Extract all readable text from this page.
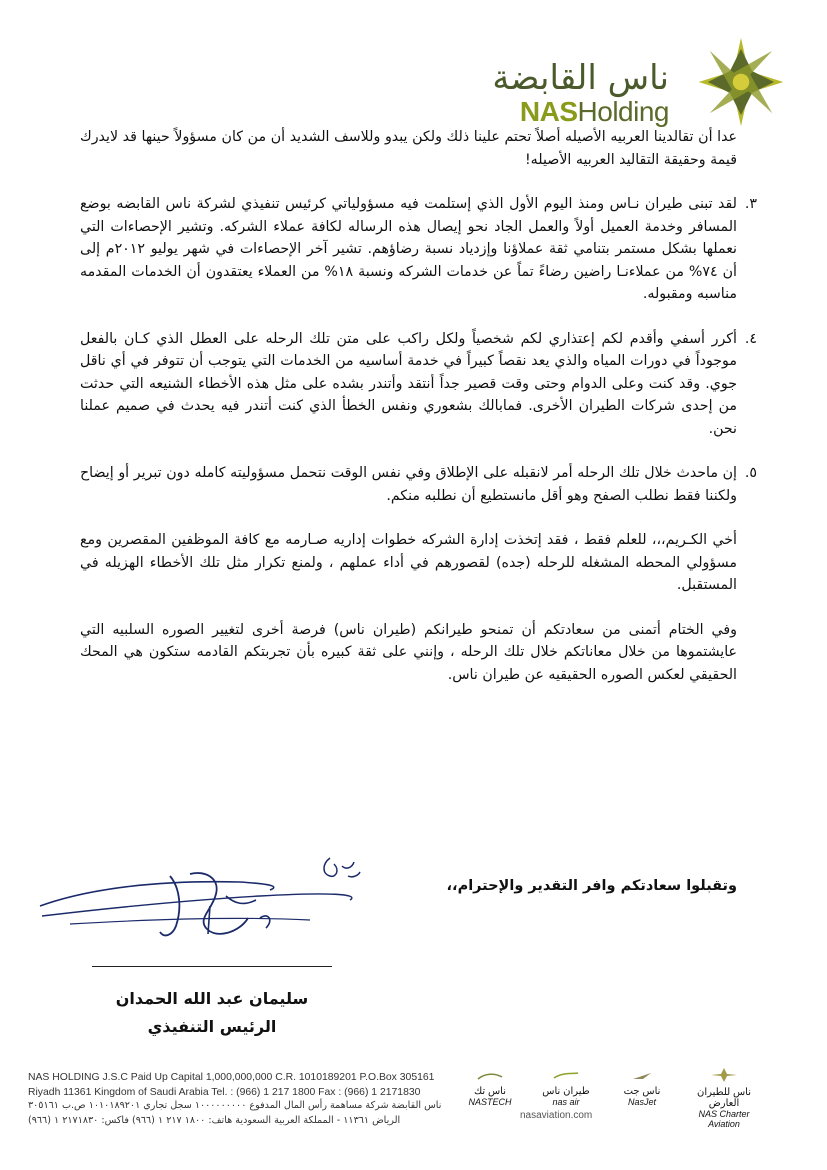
ناس القابضة
NASHolding

عدا أن تقالدينا العربيه الأصيله أصلاً تحتم علينا ذلك ولكن يبدو وللاسف الشديد أن من كان مسؤولاً حينها قد لايدرك قيمة وحقيقة التقاليد العربيه الأصيله!

٣.
لقد تبنى طيران نـاس ومنذ اليوم الأول الذي إستلمت فيه مسؤولياتي كرئيس تنفيذي لشركة ناس القابضه بوضع المسافر وخدمة العميل أولاً والعمل الجاد نحو إيصال هذه الرساله لكافة عملاء الشركه. وتشير الإحصاءات التي نعملها بشكل مستمر بتنامي ثقة عملاؤنا وإزدياد نسبة رضاؤهم. تشير آخر الإحصاءات في شهر يوليو ٢٠١٢م إلى أن ٧٤% من عملاءنـا راضين رضاءً تماً عن خدمات الشركه ونسبة ١٨% من العملاء يعتقدون أن الخدمات المقدمه مناسبه ومقبوله.

٤.
أكرر أسفي وأقدم لكم إعتذاري لكم شخصياً ولكل راكب على متن تلك الرحله على العطل الذي كـان بالفعل موجوداً في دورات المياه والذي يعد نقصاً كبيراً في خدمة أساسيه من الخدمات التي يتوجب أن تتوفر في أي ناقل جوي. وقد كنت وعلى الدوام وحتى وقت قصير جداً أنتقد وأتندر بشده على مثل هذه الأخطاء الشنيعه التي حدثت من إحدى شركات الطيران الأخرى. فمابالك بشعوري ونفس الخطأ الذي كنت أتندر فيه يحدث في صميم عملنا نحن.

٥.
إن ماحدث خلال تلك الرحله أمر لانقبله على الإطلاق وفي نفس الوقت نتحمل مسؤوليته كامله دون تبرير أو إيضاح ولكننا فقط نطلب الصفح وهو أقل مانستطيع أن نطلبه منكم.

أخي الكـريم،،، للعلم فقط ، فقد إتخذت إدارة الشركه خطوات إداريه صـارمه مع كافة الموظفين المقصرين ومع مسؤولي المحطه المشغله للرحله (جده) لقصورهم في أداء عملهم ، ولمنع تكرار مثل تلك الأخطاء الهزيله في المستقبل.

وفي الختام أتمنى من سعادتكم أن تمنحو طيرانكم (طيران ناس) فرصة أخرى لتغيير الصوره السلبيه التي عايشتموها من خلال معاناتكم خلال تلك الرحله ، وإنني على ثقة كبيره بأن تجربتكم القادمه ستكون هي المحك الحقيقي لعكس الصوره الحقيقيه عن طيران ناس.

وتقبلوا سعادتكم وافر التقدير والإحترام،،
سليمان عبد الله الحمدان
الرئيس التنفيذي
NAS HOLDING J.S.C Paid Up Capital 1,000,000,000 C.R. 1010189201 P.O.Box 305161
Riyadh 11361 Kingdom of Saudi Arabia Tel. : (966) 1 217 1800 Fax : (966) 1 2171830
ناس القابضة شركة مساهمة رأس المال المدفوع ١٠٠٠٠٠٠٠٠٠ سجل تجاري ١٠١٠١٨٩٢٠١ ص.ب ٣٠٥١٦١
الرياض ١١٣٦١ - المملكة العربية السعودية هاتف: ١٨٠٠ ٢١٧ ١ (٩٦٦) فاكس: ٢١٧١٨٣٠ ١ (٩٦٦)
ناس تك
NASTECH
طيران ناس
nas air
ناس جت
NasJet
ناس للطيران العارض
NAS Charter Aviation
nasaviation.com
